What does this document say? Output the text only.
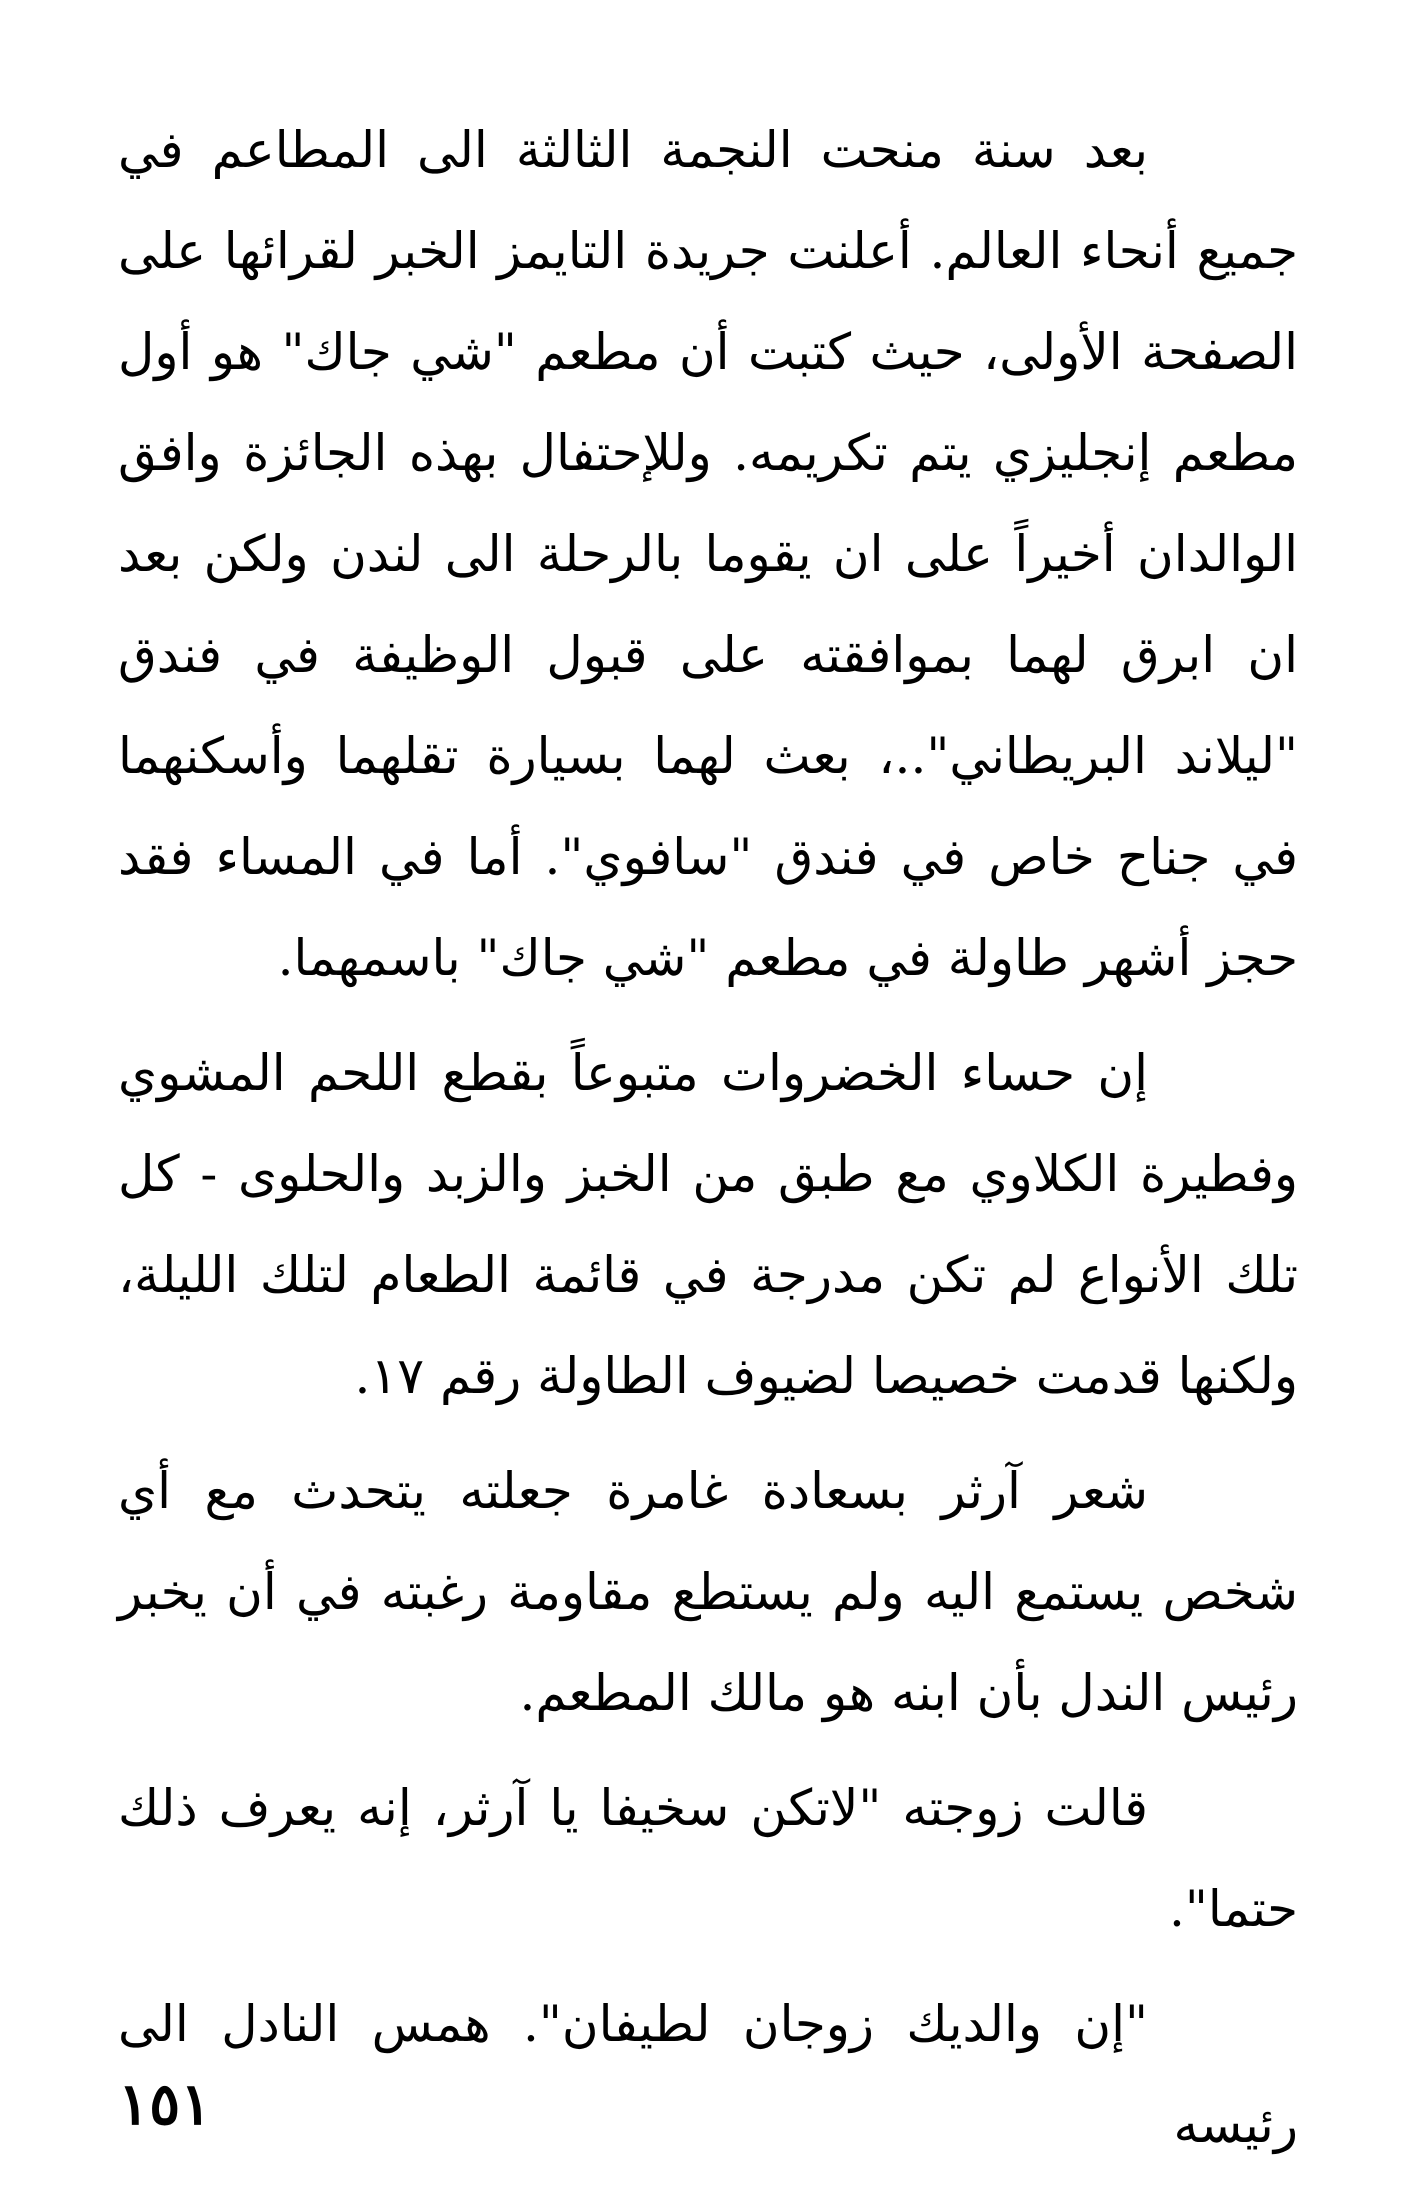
بعد سنة منحت النجمة الثالثة الى المطاعم في جميع أنحاء العالم. أعلنت جريدة التايمز الخبر لقرائها على الصفحة الأولى، حيث كتبت أن مطعم "شي جاك" هو أول مطعم إنجليزي يتم تكريمه. وللإحتفال بهذه الجائزة وافق الوالدان أخيراً على ان يقوما بالرحلة الى لندن ولكن بعد ان ابرق لهما بموافقته على قبول الوظيفة في فندق "ليلاند البريطاني"..، بعث لهما بسيارة تقلهما وأسكنهما في جناح خاص في فندق "سافوي". أما في المساء فقد حجز أشهر طاولة في مطعم "شي جاك" باسمهما.

إن حساء الخضروات متبوعاً بقطع اللحم المشوي وفطيرة الكلاوي مع طبق من الخبز والزبد والحلوى - كل تلك الأنواع لم تكن مدرجة في قائمة الطعام لتلك الليلة، ولكنها قدمت خصيصا لضيوف الطاولة رقم ١٧.

شعر آرثر بسعادة غامرة جعلته يتحدث مع أي شخص يستمع اليه ولم يستطع مقاومة رغبته في أن يخبر رئيس الندل بأن ابنه هو مالك المطعم.

قالت زوجته "لاتكن سخيفا يا آرثر، إنه يعرف ذلك حتما".

"إن والديك زوجان لطيفان". همس النادل الى رئيسه

١٥١
